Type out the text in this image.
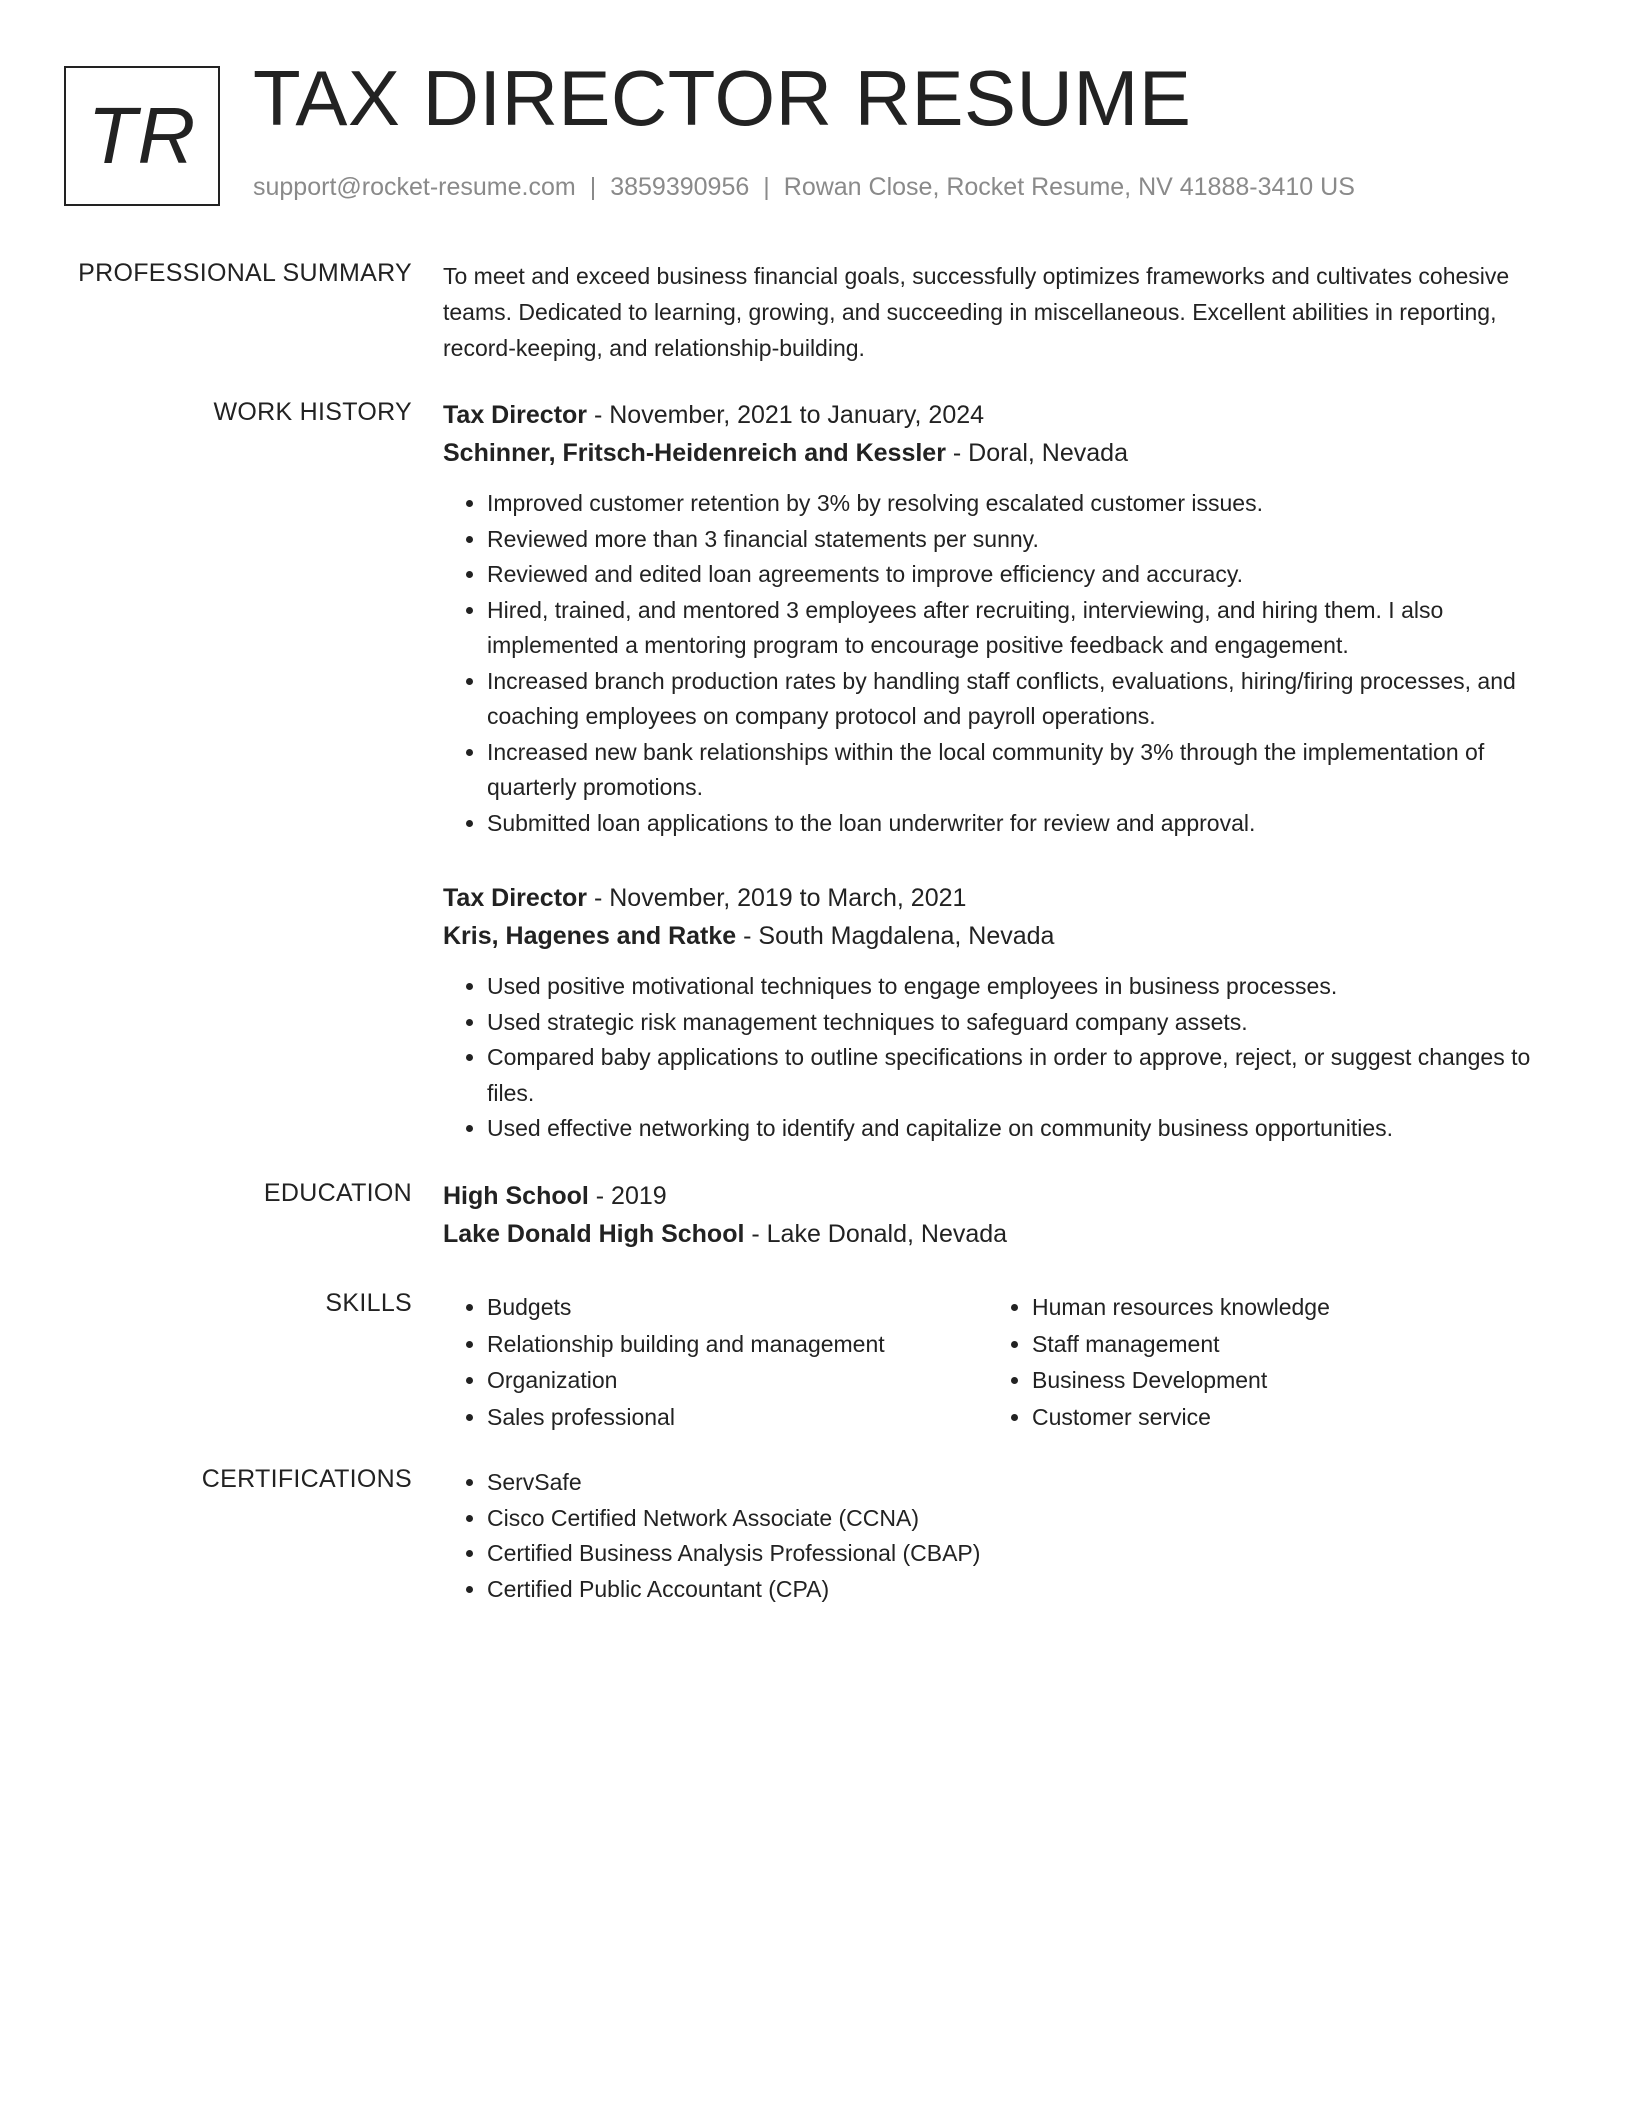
TR TAX DIRECTOR RESUME
support@rocket-resume.com | 3859390956 | Rowan Close, Rocket Resume, NV 41888-3410 US
PROFESSIONAL SUMMARY To meet and exceed business financial goals, successfully optimizes frameworks and cultivates cohesive teams. Dedicated to learning, growing, and succeeding in miscellaneous. Excellent abilities in reporting, record-keeping, and relationship-building.

WORK HISTORY Tax Director - November, 2021 to January, 2024
Schinner, Fritsch-Heidenreich and Kessler - Doral, Nevada
• Improved customer retention by 3% by resolving escalated customer issues.
• Reviewed more than 3 financial statements per sunny.
• Reviewed and edited loan agreements to improve efficiency and accuracy.
• Hired, trained, and mentored 3 employees after recruiting, interviewing, and hiring them. I also implemented a mentoring program to encourage positive feedback and engagement.
• Increased branch production rates by handling staff conflicts, evaluations, hiring/firing processes, and coaching employees on company protocol and payroll operations.
• Increased new bank relationships within the local community by 3% through the implementation of quarterly promotions.
• Submitted loan applications to the loan underwriter for review and approval.
Tax Director - November, 2019 to March, 2021
Kris, Hagenes and Ratke - South Magdalena, Nevada
• Used positive motivational techniques to engage employees in business processes.
• Used strategic risk management techniques to safeguard company assets.
• Compared baby applications to outline specifications in order to approve, reject, or suggest changes to files.
• Used effective networking to identify and capitalize on community business opportunities.
EDUCATION High School - 2019
Lake Donald High School - Lake Donald, Nevada
SKILLS	• Budgets
• Relationship building and management
• Organization
• Sales professional
• Human resources knowledge
• Staff management
• Business Development
• Customer service
CERTIFICATIONS	• ServSafe
• Cisco Certified Network Associate (CCNA)
• Certified Business Analysis Professional (CBAP)
• Certified Public Accountant (CPA)
